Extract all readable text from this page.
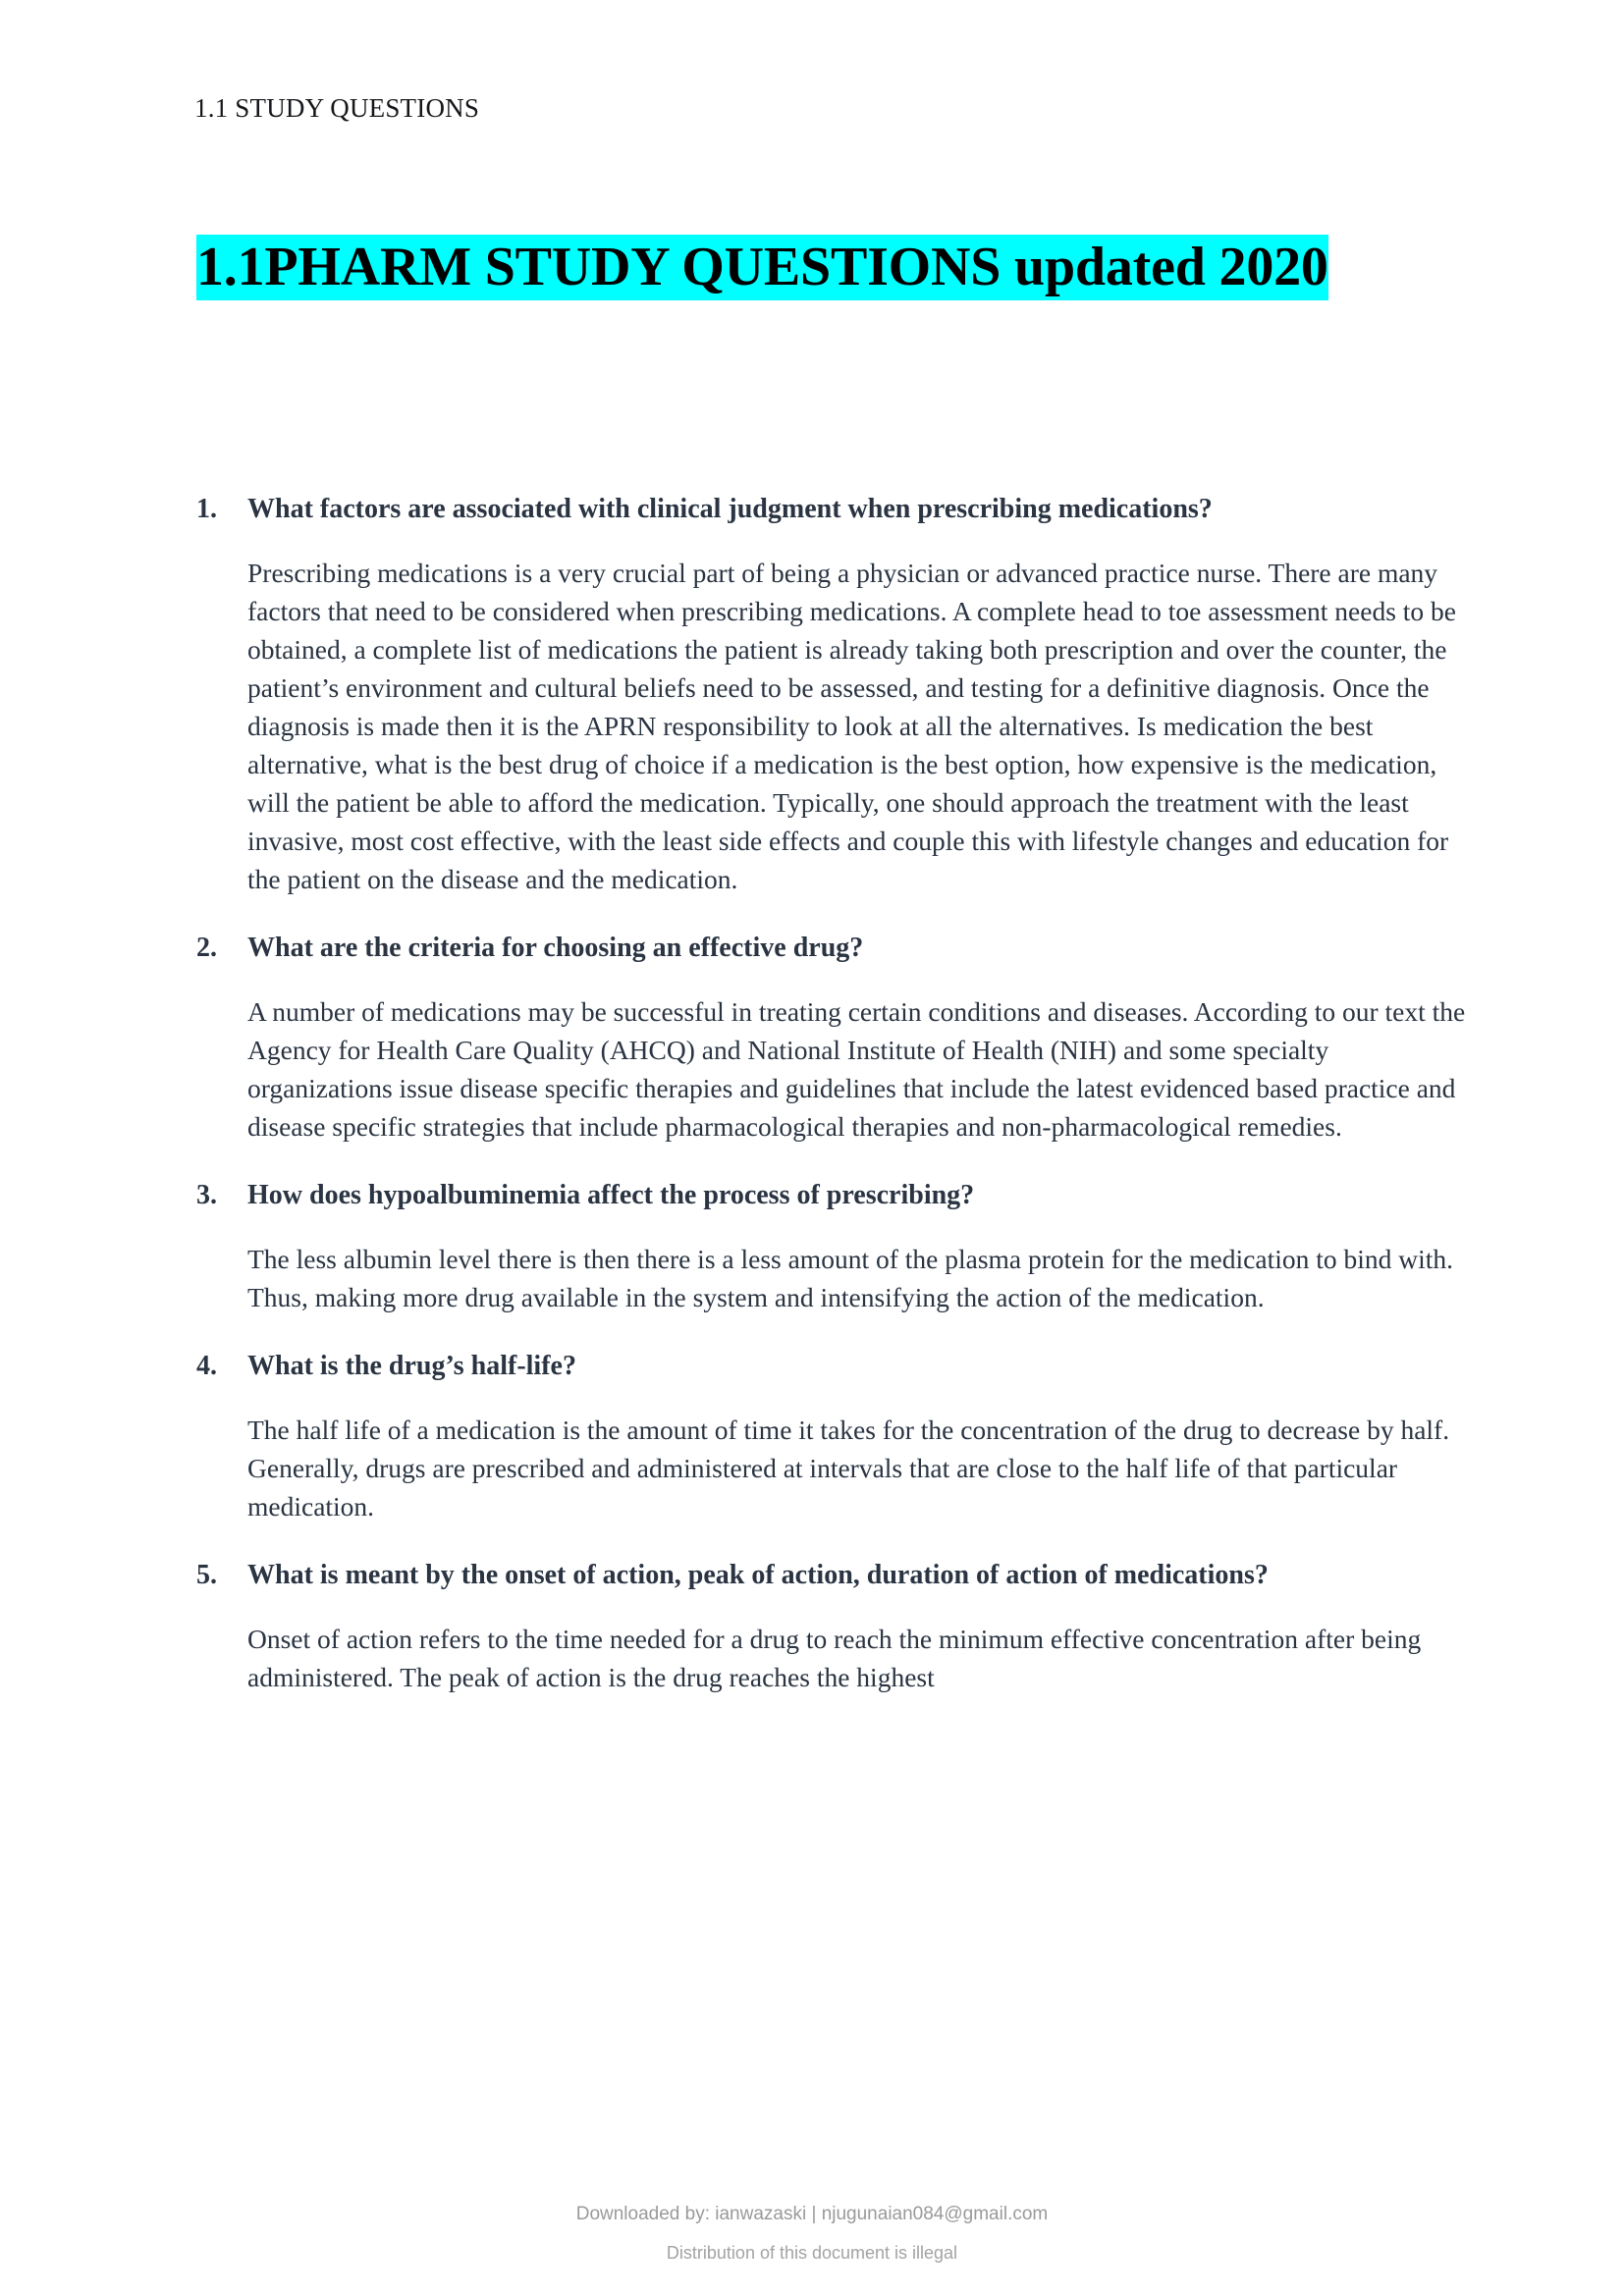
1.1 STUDY QUESTIONS
1.1PHARM STUDY QUESTIONS updated 2020
1.	What factors are associated with clinical judgment when prescribing medications?
Prescribing medications is a very crucial part of being a physician or advanced practice nurse. There are many factors that need to be considered when prescribing medications. A complete head to toe assessment needs to be obtained, a complete list of medications the patient is already taking both prescription and over the counter, the patient’s environment and cultural beliefs need to be assessed, and testing for a definitive diagnosis. Once the diagnosis is made then it is the APRN responsibility to look at all the alternatives. Is medication the best alternative, what is the best drug of choice if a medication is the best option, how expensive is the medication, will the patient be able to afford the medication. Typically, one should approach the treatment with the least invasive, most cost effective, with the least side effects and couple this with lifestyle changes and education for the patient on the disease and the medication.
2.	What are the criteria for choosing an effective drug?
A number of medications may be successful in treating certain conditions and diseases. According to our text the Agency for Health Care Quality (AHCQ) and National Institute of Health (NIH) and some specialty organizations issue disease specific therapies and guidelines that include the latest evidenced based practice and disease specific strategies that include pharmacological therapies and non-pharmacological remedies.
3.	How does hypoalbuminemia affect the process of prescribing?
The less albumin level there is then there is a less amount of the plasma protein for the medication to bind with. Thus, making more drug available in the system and intensifying the action of the medication.
4.	What is the drug’s half-life?
The half life of a medication is the amount of time it takes for the concentration of the drug to decrease by half. Generally, drugs are prescribed and administered at intervals that are close to the half life of that particular medication.
5.	What is meant by the onset of action, peak of action, duration of action of medications?
Onset of action refers to the time needed for a drug to reach the minimum effective concentration after being administered. The peak of action is the drug reaches the highest
Downloaded by: ianwazaski | njugunaian084@gmail.com
Distribution of this document is illegal
